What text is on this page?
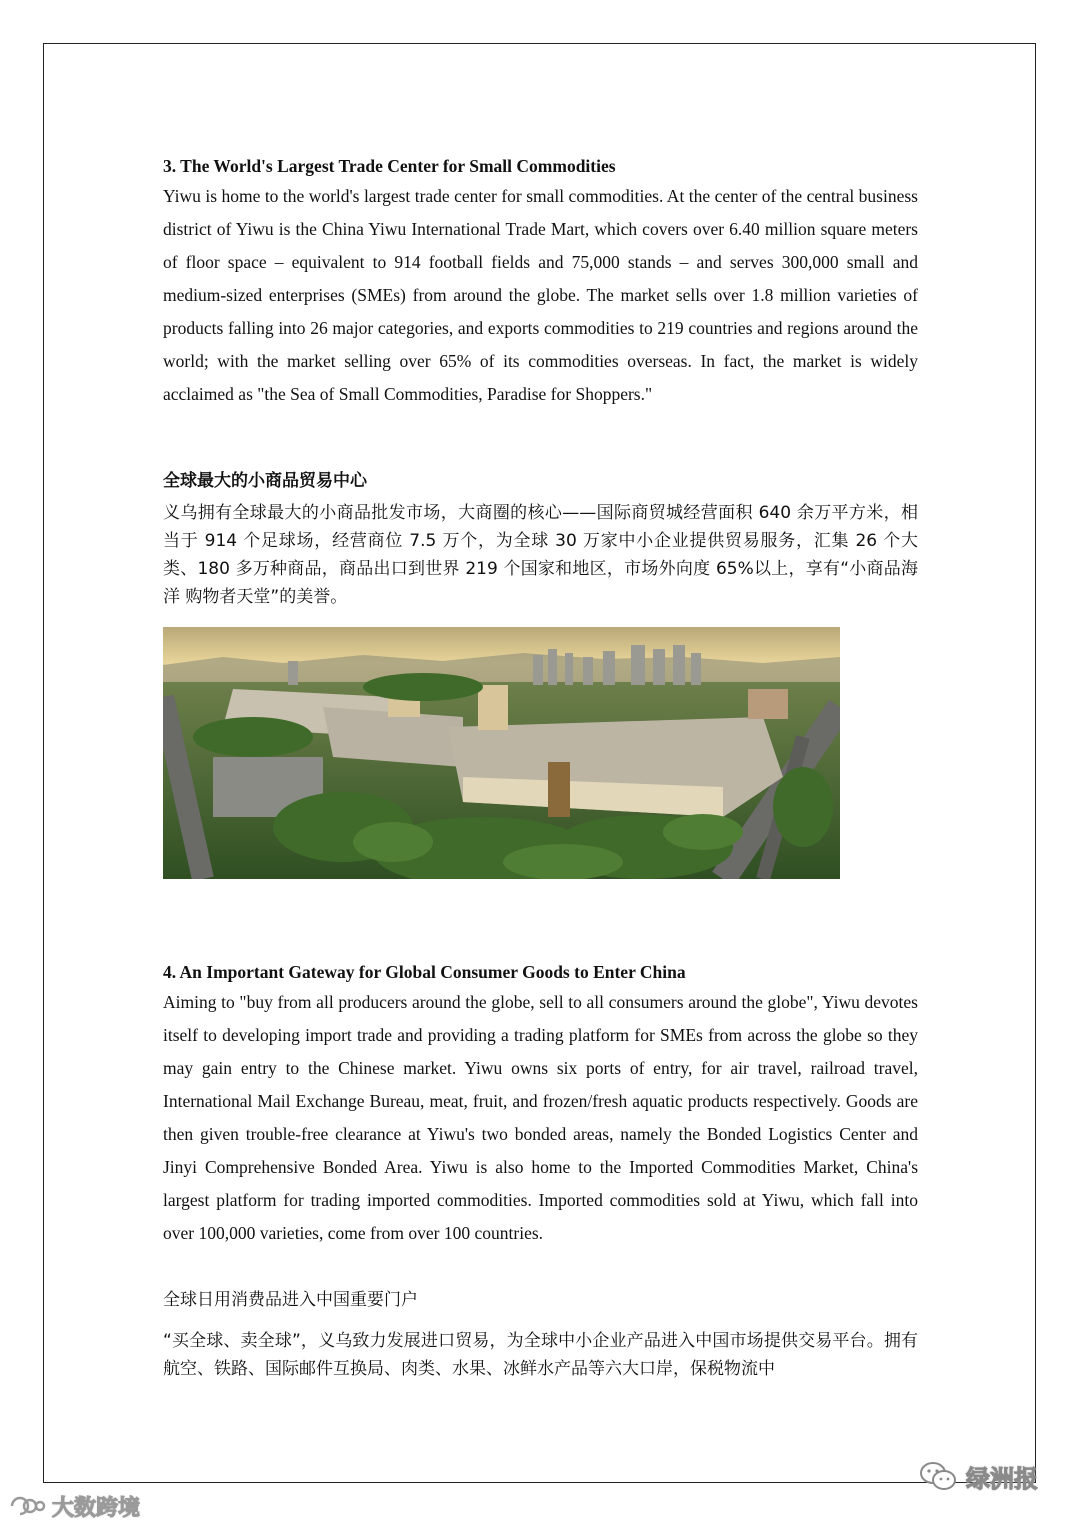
3. The World's Largest Trade Center for Small Commodities

Yiwu is home to the world's largest trade center for small commodities. At the center of the central business district of Yiwu is the China Yiwu International Trade Mart, which covers over 6.40 million square meters of floor space – equivalent to 914 football fields and 75,000 stands – and serves 300,000 small and medium-sized enterprises (SMEs) from around the globe. The market sells over 1.8 million varieties of products falling into 26 major categories, and exports commodities to 219 countries and regions around the world; with the market selling over 65% of its commodities overseas. In fact, the market is widely acclaimed as "the Sea of Small Commodities, Paradise for Shoppers."

全球最大的小商品贸易中心

义乌拥有全球最大的小商品批发市场，大商圈的核心——国际商贸城经营面积 640 余万平方米，相当于 914 个足球场，经营商位 7.5 万个，为全球 30 万家中小企业提供贸易服务，汇集 26 个大类、180 多万种商品，商品出口到世界 219 个国家和地区，市场外向度 65%以上，享有“小商品海洋 购物者天堂”的美誉。

4. An Important Gateway for Global Consumer Goods to Enter China

Aiming to "buy from all producers around the globe, sell to all consumers around the globe", Yiwu devotes itself to developing import trade and providing a trading platform for SMEs from across the globe so they may gain entry to the Chinese market. Yiwu owns six ports of entry, for air travel, railroad travel, International Mail Exchange Bureau, meat, fruit, and frozen/fresh aquatic products respectively. Goods are then given trouble-free clearance at Yiwu's two bonded areas, namely the Bonded Logistics Center and Jinyi Comprehensive Bonded Area. Yiwu is also home to the Imported Commodities Market, China's largest platform for trading imported commodities. Imported commodities sold at Yiwu, which fall into over 100,000 varieties, come from over 100 countries.

全球日用消费品进入中国重要门户

“买全球、卖全球”，义乌致力发展进口贸易，为全球中小企业产品进入中国市场提供交易平台。拥有航空、铁路、国际邮件互换局、肉类、水果、冰鲜水产品等六大口岸，保税物流中

大数跨境
绿洲报
